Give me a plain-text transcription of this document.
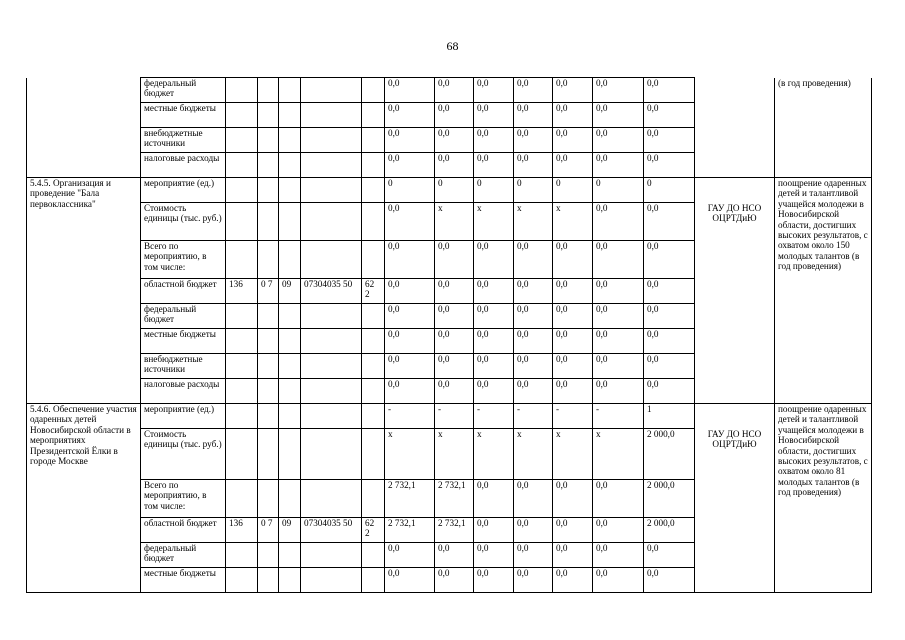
68
	федеральный бюджет						0,0	0,0	0,0	0,0	0,0	0,0	0,0		(в год проведения)
	местные бюджеты						0,0	0,0	0,0	0,0	0,0	0,0	0,0		
	внебюджетные источники						0,0	0,0	0,0	0,0	0,0	0,0	0,0		
	налоговые расходы						0,0	0,0	0,0	0,0	0,0	0,0	0,0		
5.4.5. Организация и проведение "Бала первоклассника"	мероприятие (ед.)						0	0	0	0	0	0	0		поощрение одаренных детей и талантливой учащейся молодежи в Новосибирской области, достигших высоких результатов, с охватом около 150 молодых талантов (в год проведения)
	Стоимость единицы (тыс. руб.)						0,0	х	х	х	х	0,0	0,0	ГАУ ДО НСО ОЦРТДиЮ	
	Всего по мероприятию, в том числе:						0,0	0,0	0,0	0,0	0,0	0,0	0,0		
	областной бюджет	136	0 7	09	07304035 50	62 2	0,0	0,0	0,0	0,0	0,0	0,0	0,0		
	федеральный бюджет						0,0	0,0	0,0	0,0	0,0	0,0	0,0		
	местные бюджеты						0,0	0,0	0,0	0,0	0,0	0,0	0,0		
	внебюджетные источники						0,0	0,0	0,0	0,0	0,0	0,0	0,0		
	налоговые расходы						0,0	0,0	0,0	0,0	0,0	0,0	0,0		
5.4.6. Обеспечение участия одаренных детей Новосибирской области в мероприятиях Президентской Ёлки в городе Москве	мероприятие (ед.)						-	-	-	-	-	-	1		поощрение одаренных детей и талантливой учащейся молодежи в Новосибирской области, достигших высоких результатов, с охватом около 81 молодых талантов (в год проведения)
	Стоимость единицы (тыс. руб.)						х	х	х	х	х	х	2 000,0	ГАУ ДО НСО ОЦРТДиЮ	
	Всего по мероприятию, в том числе:						2 732,1	2 732,1	0,0	0,0	0,0	0,0	2 000,0		
	областной бюджет	136	0 7	09	07304035 50	62 2	2 732,1	2 732,1	0,0	0,0	0,0	0,0	2 000,0		
	федеральный бюджет						0,0	0,0	0,0	0,0	0,0	0,0	0,0		
	местные бюджеты						0,0	0,0	0,0	0,0	0,0	0,0	0,0		
